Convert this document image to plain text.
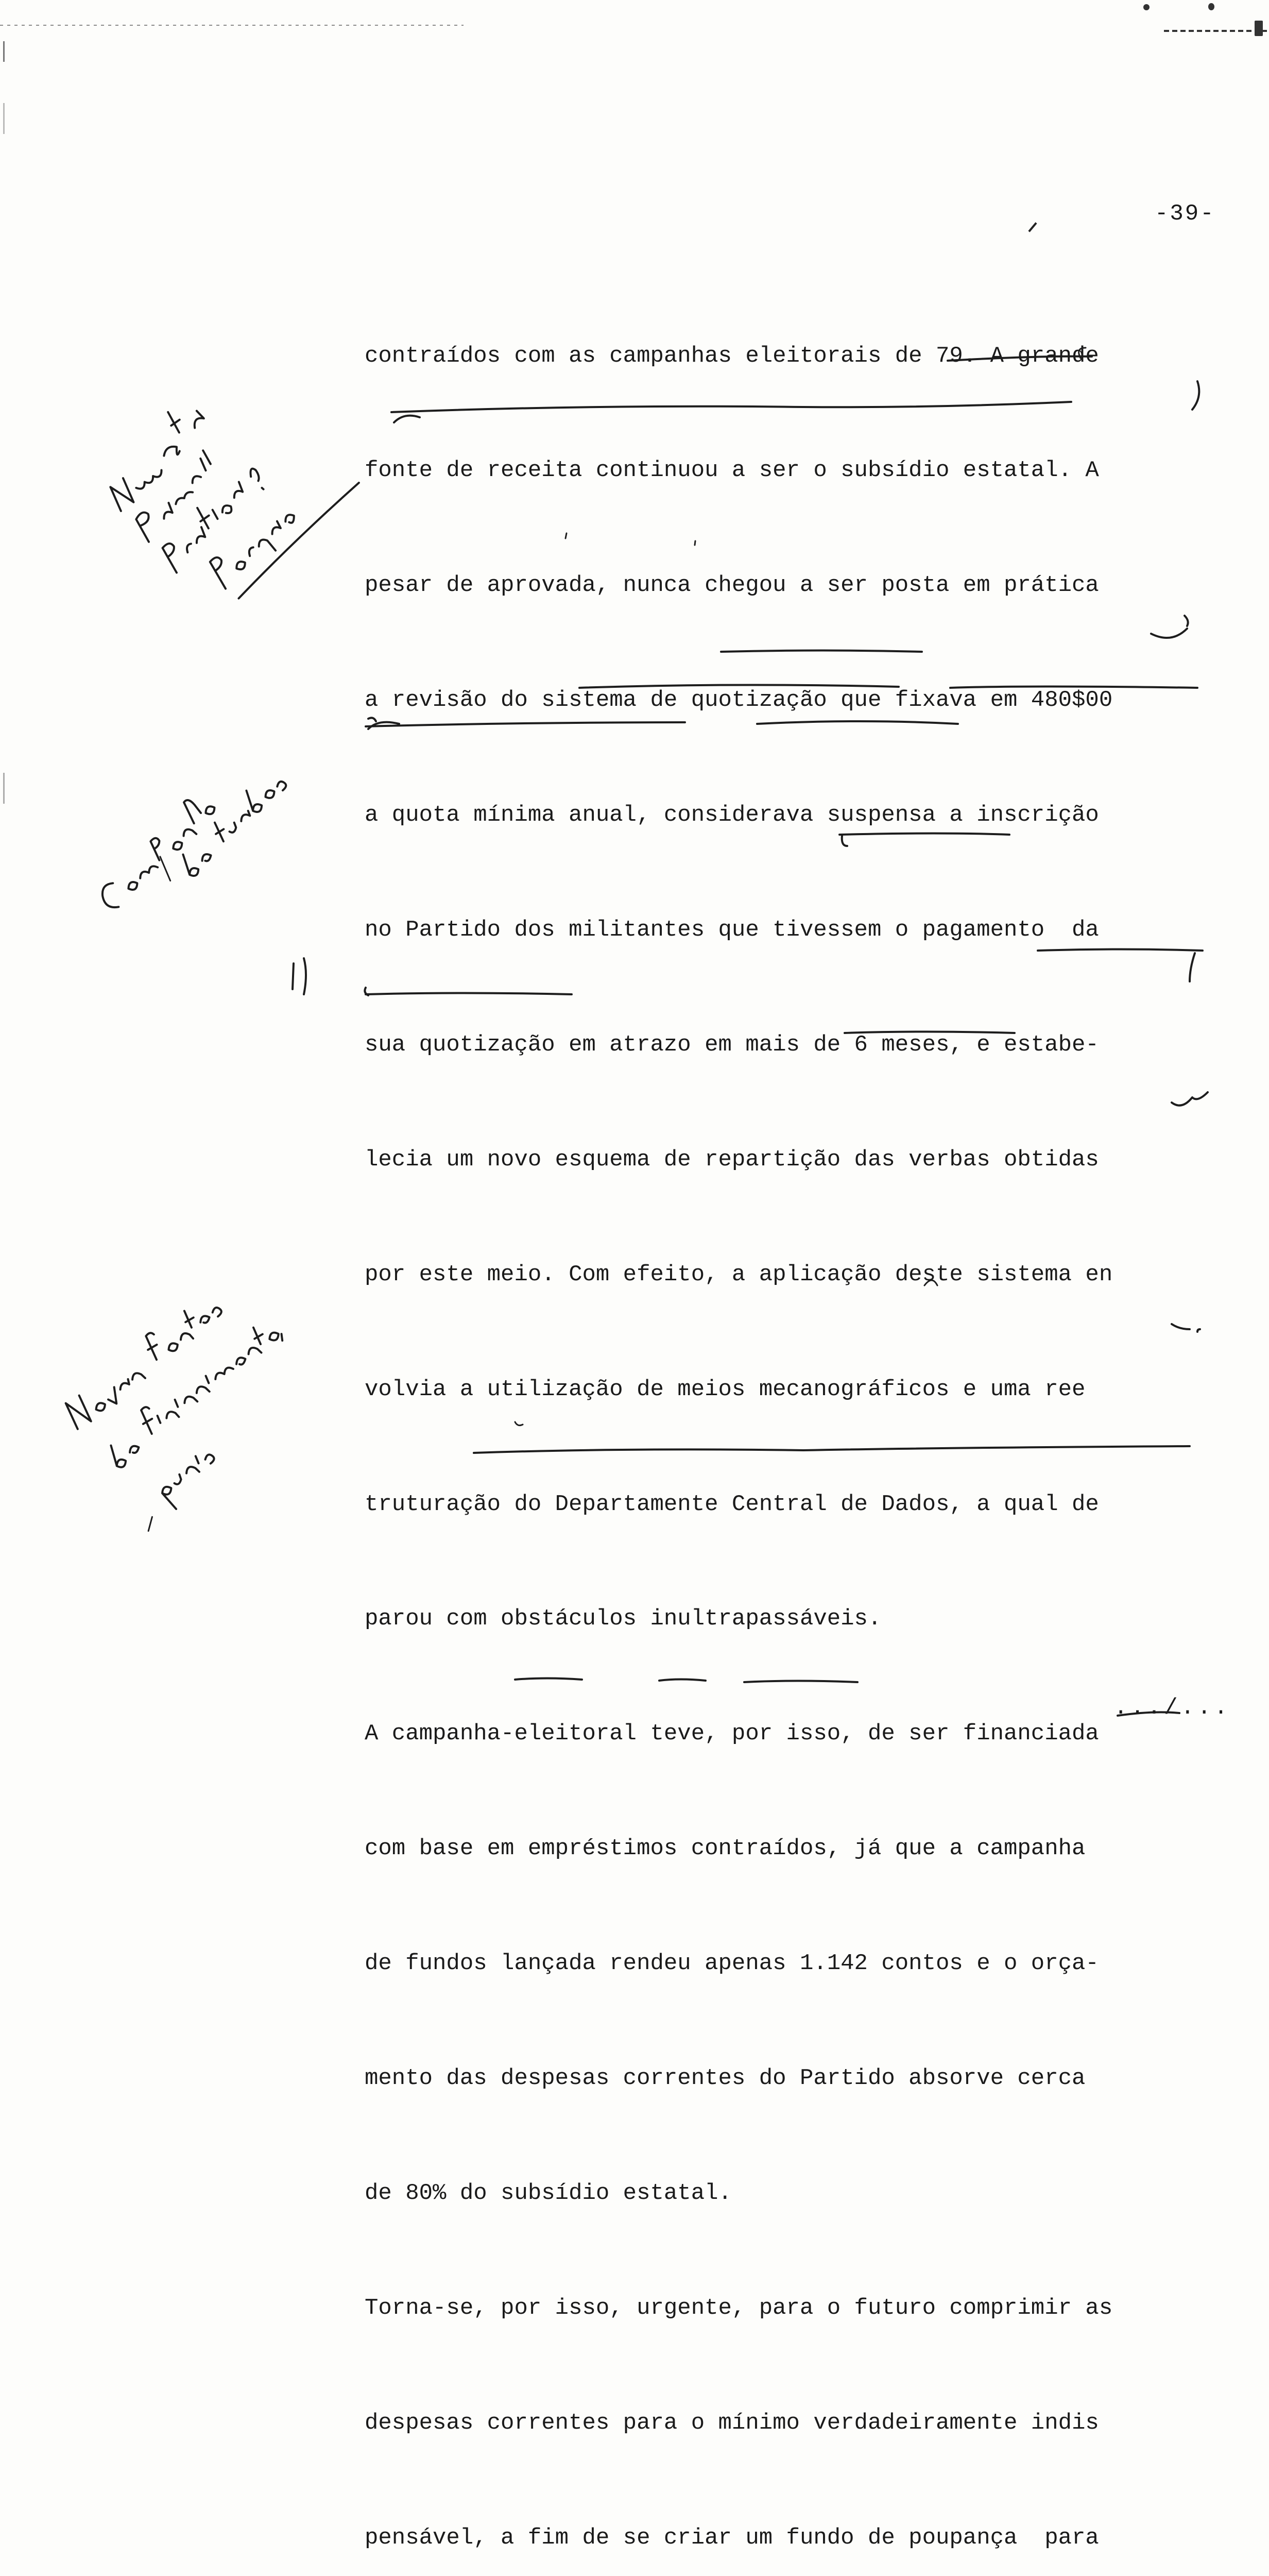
-39-

contraídos com as campanhas eleitorais de 79. A grande

fonte de receita continuou a ser o subsídio estatal. A

pesar de aprovada, nunca chegou a ser posta em prática

a revisão do sistema de quotização que fixava em 480$00

a quota mínima anual, considerava suspensa a inscrição

no Partido dos militantes que tivessem o pagamento  da

sua quotização em atrazo em mais de 6 meses, e estabe-

lecia um novo esquema de repartição das verbas obtidas

por este meio. Com efeito, a aplicação deste sistema en

volvia a utilização de meios mecanográficos e uma ree

truturação do Departamente Central de Dados, a qual de

parou com obstáculos inultrapassáveis.

A campanha-eleitoral teve, por isso, de ser financiada

com base em empréstimos contraídos, já que a campanha

de fundos lançada rendeu apenas 1.142 contos e o orça-

mento das despesas correntes do Partido absorve cerca

de 80% do subsídio estatal.

Torna-se, por isso, urgente, para o futuro comprimir as

despesas correntes para o mínimo verdadeiramente indis

pensável, a fim de se criar um fundo de poupança  para

.../...
